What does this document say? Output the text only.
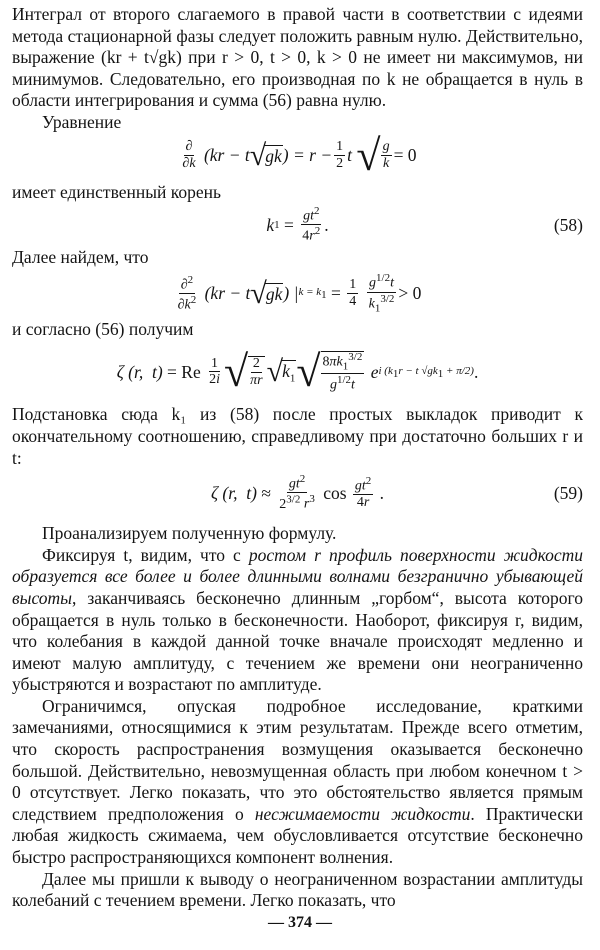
Интеграл от второго слагаемого в правой части в соответствии с идеями метода стационарной фазы следует положить равным нулю. Действительно, выражение (kr + t√gk) при r > 0, t > 0, k > 0 не имеет ни максимумов, ни минимумов. Следовательно, его производная по k не обращается в нуль в области интегрирования и сумма (56) равна нулю.

Уравнение

$\frac{\partial}{\partial k} (kr - t$ √ gk ) = $r - \frac{1}{2}$ t √ $\frac{g}{k} = 0$

имеет единственный корень

k $1 = \frac{gt^2}{4r^2}$ .	(58)

Далее найдем, что

$\frac{\partial^2}{\partial k^2} (kr - t$ √ gk ) | $k = k_1 = \frac{1}{4}$
$\frac{g^{1/2}t}{k_1^{3/2}} > 0$

и согласно (56) получим

ζ (r,  t) = Re $\frac{1}{2i}$ √ $\frac{2}{\pi r}$ √ $k_1$ √ $\frac{8\pi k_1^{3/2}}{g^{1/2}t}$ e i ($k_1r - t$ $√gk_1 + \pi/2$) .

Подстановка сюда k₁ из (58) после простых выкладок приводит к окончательному соотношению, справедливому при достаточно больших r и t:

ζ (r,  $t) \approx \frac{gt^2}{2^{3/2} r^3}$ $\cos \frac{gt^2}{4r}$ .	(59)

Проанализируем полученную формулу.

Фиксируя t, видим, что с ростом r профиль поверхности жидкости образуется все более и более длинными волнами безгранично убывающей высоты, заканчиваясь бесконечно длинным „горбом“, высота которого обращается в нуль только в бесконечности. Наоборот, фиксируя r, видим, что колебания в каждой данной точке вначале происходят медленно и имеют малую амплитуду, с течением же времени они неограниченно убыстряются и возрастают по амплитуде.

Ограничимся, опуская подробное исследование, краткими замечаниями, относящимися к этим результатам. Прежде всего отметим, что скорость распространения возмущения оказывается бесконечно большой. Действительно, невозмущенная область при любом конечном t > 0 отсутствует. Легко показать, что это обстоятельство является прямым следствием предположения о несжимаемости жидкости. Практически любая жидкость сжимаема, чем обусловливается отсутствие бесконечно быстро распространяющихся компонент волнения.

Далее мы пришли к выводу о неограниченном возрастании амплитуды колебаний с течением времени. Легко показать, что

— 374 —
